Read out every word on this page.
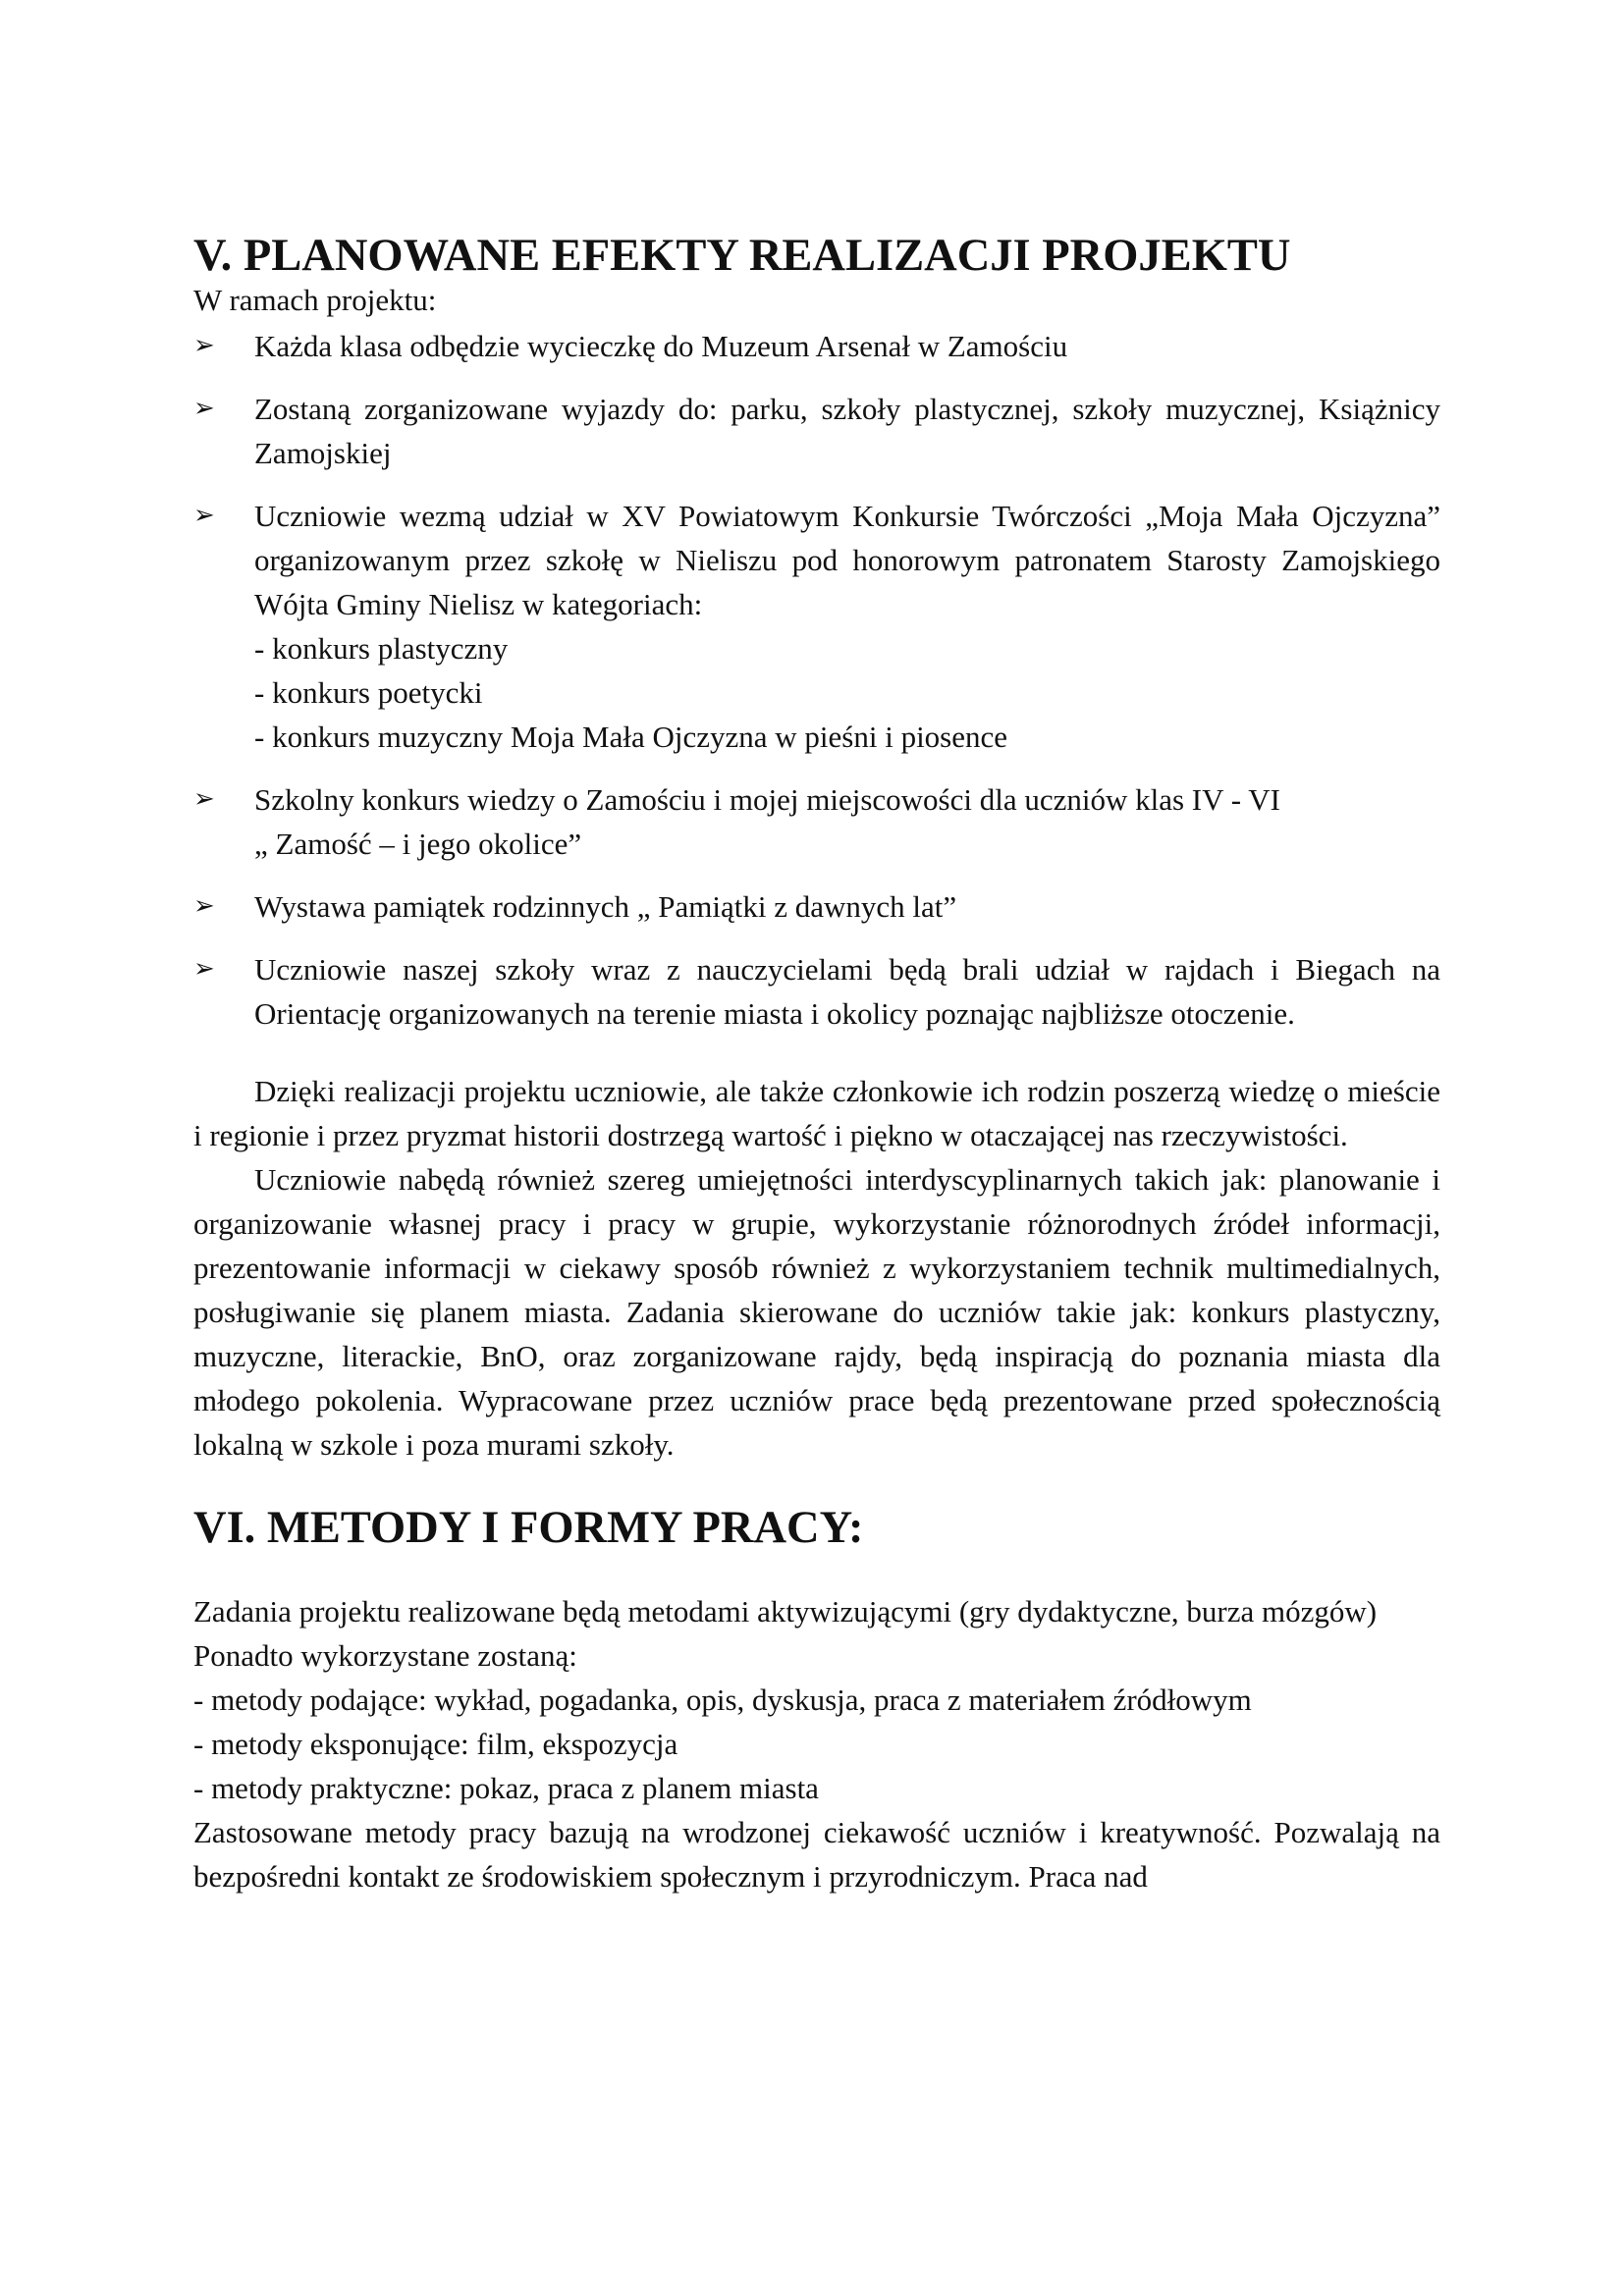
V. PLANOWANE EFEKTY REALIZACJI PROJEKTU

W ramach projektu:

➢ Każda klasa odbędzie wycieczkę do Muzeum Arsenał w Zamościu

➢ Zostaną zorganizowane wyjazdy do: parku, szkoły plastycznej, szkoły muzycznej, Książnicy Zamojskiej

➢ Uczniowie wezmą udział w XV Powiatowym Konkursie Twórczości „Moja Mała Ojczyzna” organizowanym przez szkołę w Nieliszu pod honorowym patronatem Starosty Zamojskiego Wójta Gminy Nielisz w kategoriach:

- konkurs plastyczny

- konkurs poetycki

- konkurs muzyczny Moja Mała Ojczyzna w pieśni i piosence

➢ Szkolny konkurs wiedzy o Zamościu i mojej miejscowości dla uczniów klas IV - VI

„ Zamość – i jego okolice”

➢ Wystawa pamiątek rodzinnych „ Pamiątki z dawnych lat”

➢ Uczniowie naszej szkoły wraz z nauczycielami będą brali udział w rajdach i Biegach na Orientację organizowanych na terenie miasta i okolicy poznając najbliższe otoczenie.

Dzięki realizacji projektu uczniowie, ale także członkowie ich rodzin poszerzą wiedzę o mieście i regionie i przez pryzmat historii dostrzegą wartość i piękno w otaczającej nas rzeczywistości.

Uczniowie nabędą również szereg umiejętności interdyscyplinarnych takich jak: planowanie i organizowanie własnej pracy i pracy w grupie, wykorzystanie różnorodnych źródeł informacji, prezentowanie informacji w ciekawy sposób również z wykorzystaniem technik multimedialnych, posługiwanie się planem miasta. Zadania skierowane do uczniów takie jak: konkurs plastyczny, muzyczne, literackie, BnO, oraz zorganizowane rajdy, będą inspiracją do poznania miasta dla młodego pokolenia. Wypracowane przez uczniów prace będą prezentowane przed społecznością lokalną w szkole i poza murami szkoły.

VI. METODY I FORMY PRACY:

Zadania projektu realizowane będą metodami aktywizującymi (gry dydaktyczne, burza mózgów)

Ponadto wykorzystane zostaną:

- metody podające: wykład, pogadanka, opis, dyskusja, praca z materiałem źródłowym

- metody eksponujące: film, ekspozycja

- metody praktyczne: pokaz, praca z planem miasta

Zastosowane metody pracy bazują na wrodzonej ciekawość uczniów i kreatywność. Pozwalają na bezpośredni kontakt ze środowiskiem społecznym i przyrodniczym. Praca nad
